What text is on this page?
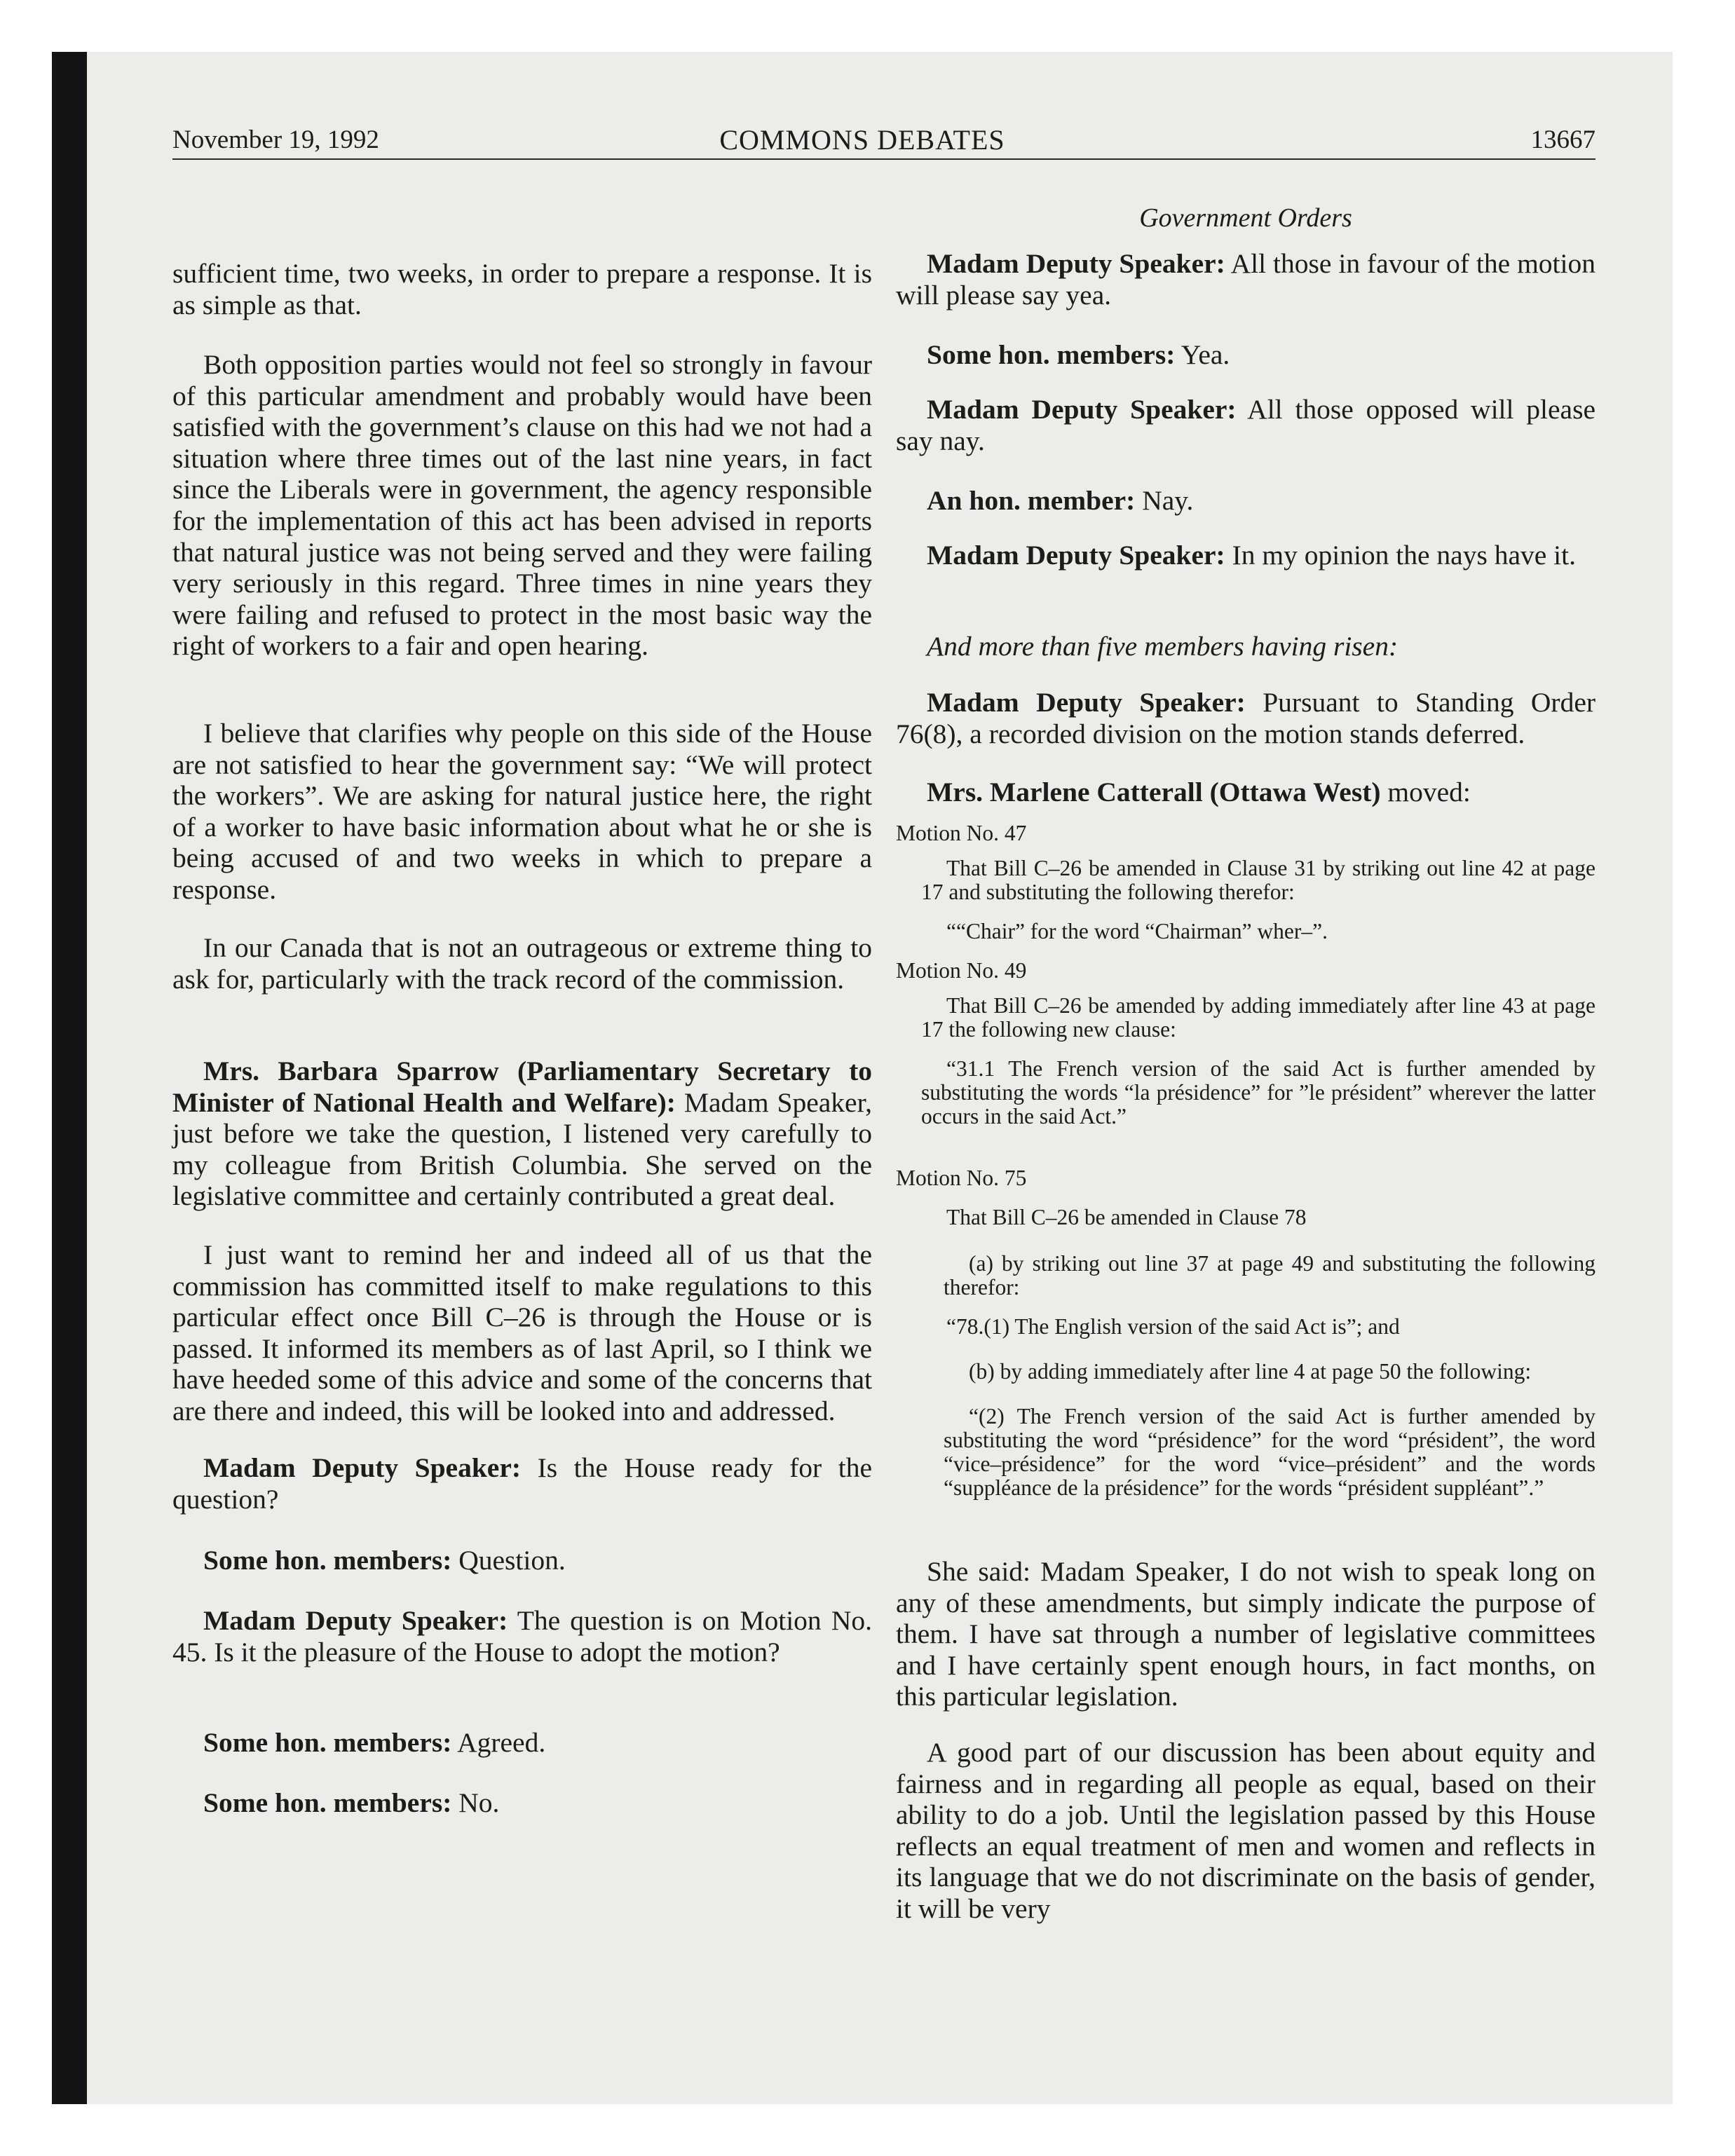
November 19, 1992	COMMONS DEBATES	13667
Government Orders

sufficient time, two weeks, in order to prepare a response. It is as simple as that.

Both opposition parties would not feel so strongly in favour of this particular amendment and probably would have been satisfied with the government’s clause on this had we not had a situation where three times out of the last nine years, in fact since the Liberals were in government, the agency responsible for the implementation of this act has been advised in reports that natural justice was not being served and they were failing very seriously in this regard. Three times in nine years they were failing and refused to protect in the most basic way the right of workers to a fair and open hearing.

I believe that clarifies why people on this side of the House are not satisfied to hear the government say: “We will protect the workers”. We are asking for natural justice here, the right of a worker to have basic information about what he or she is being accused of and two weeks in which to prepare a response.

In our Canada that is not an outrageous or extreme thing to ask for, particularly with the track record of the commission.

Mrs. Barbara Sparrow (Parliamentary Secretary to Minister of National Health and Welfare): Madam Speaker, just before we take the question, I listened very carefully to my colleague from British Columbia. She served on the legislative committee and certainly contributed a great deal.

I just want to remind her and indeed all of us that the commission has committed itself to make regulations to this particular effect once Bill C–26 is through the House or is passed. It informed its members as of last April, so I think we have heeded some of this advice and some of the concerns that are there and indeed, this will be looked into and addressed.

Madam Deputy Speaker: Is the House ready for the question?

Some hon. members: Question.

Madam Deputy Speaker: The question is on Motion No. 45. Is it the pleasure of the House to adopt the motion?

Some hon. members: Agreed.

Some hon. members: No.

Madam Deputy Speaker: All those in favour of the motion will please say yea.

Some hon. members: Yea.

Madam Deputy Speaker: All those opposed will please say nay.

An hon. member: Nay.

Madam Deputy Speaker: In my opinion the nays have it.

And more than five members having risen:

Madam Deputy Speaker: Pursuant to Standing Order 76(8), a recorded division on the motion stands deferred.

Mrs. Marlene Catterall (Ottawa West) moved:

Motion No. 47

That Bill C–26 be amended in Clause 31 by striking out line 42 at page 17 and substituting the following therefor:

““Chair” for the word “Chairman” wher–”.

Motion No. 49

That Bill C–26 be amended by adding immediately after line 43 at page 17 the following new clause:

“31.1 The French version of the said Act is further amended by substituting the words “la présidence” for ”le président” wherever the latter occurs in the said Act.”

Motion No. 75

That Bill C–26 be amended in Clause 78

(a) by striking out line 37 at page 49 and substituting the following therefor:

“78.(1) The English version of the said Act is”; and

(b) by adding immediately after line 4 at page 50 the following:

“(2) The French version of the said Act is further amended by substituting the word “présidence” for the word “président”, the word “vice–présidence” for the word “vice–président” and the words “suppléance de la présidence” for the words “président suppléant”.”

She said: Madam Speaker, I do not wish to speak long on any of these amendments, but simply indicate the purpose of them. I have sat through a number of legislative committees and I have certainly spent enough hours, in fact months, on this particular legislation.

A good part of our discussion has been about equity and fairness and in regarding all people as equal, based on their ability to do a job. Until the legislation passed by this House reflects an equal treatment of men and women and reflects in its language that we do not discriminate on the basis of gender, it will be very
